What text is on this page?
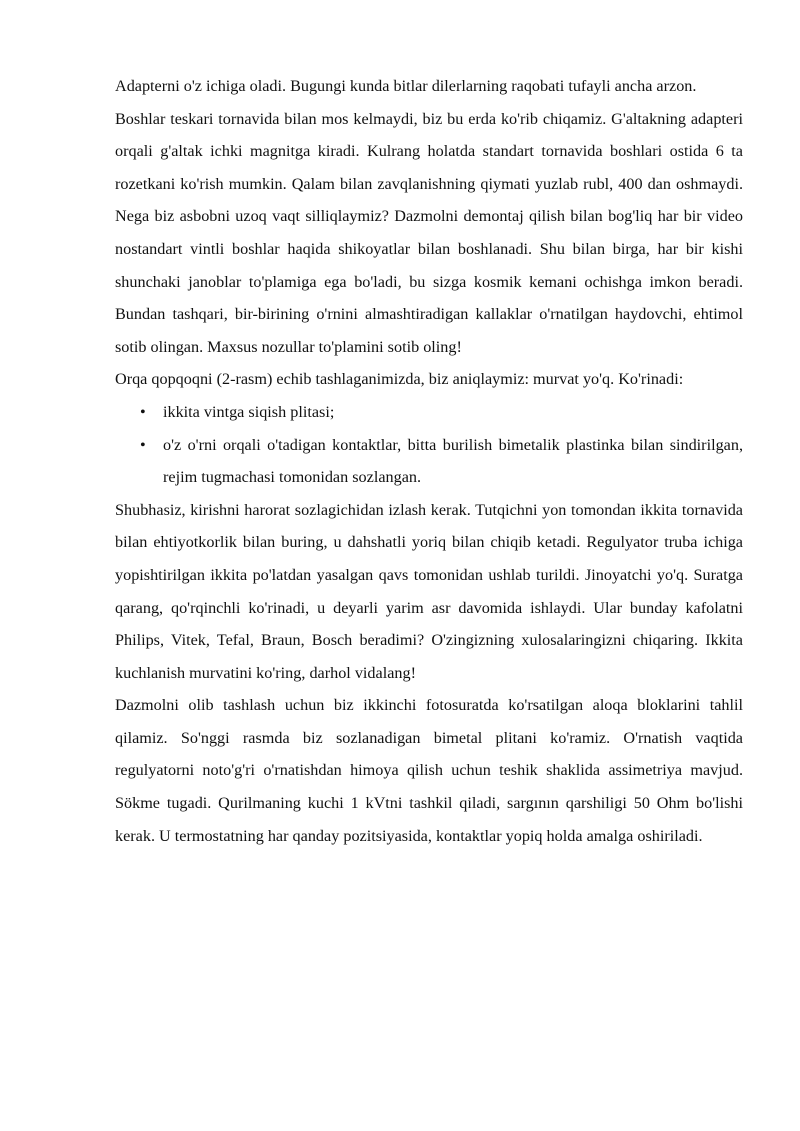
Adapterni o'z ichiga oladi. Bugungi kunda bitlar dilerlarning raqobati tufayli ancha arzon.

Boshlar teskari tornavida bilan mos kelmaydi, biz bu erda ko'rib chiqamiz. G'altakning adapteri orqali g'altak ichki magnitga kiradi. Kulrang holatda standart tornavida boshlari ostida 6 ta rozetkani ko'rish mumkin. Qalam bilan zavqlanishning qiymati yuzlab rubl, 400 dan oshmaydi. Nega biz asbobni uzoq vaqt silliqlaymiz? Dazmolni demontaj qilish bilan bog'liq har bir video nostandart vintli boshlar haqida shikoyatlar bilan boshlanadi. Shu bilan birga, har bir kishi shunchaki janoblar to'plamiga ega bo'ladi, bu sizga kosmik kemani ochishga imkon beradi. Bundan tashqari, bir-birining o'rnini almashtiradigan kallaklar o'rnatilgan haydovchi, ehtimol sotib olingan. Maxsus nozullar to'plamini sotib oling!

Orqa qopqoqni (2-rasm) echib tashlaganimizda, biz aniqlaymiz: murvat yo'q. Ko'rinadi:

• ikkita vintga siqish plitasi;
• o'z o'rni orqali o'tadigan kontaktlar, bitta burilish bimetalik plastinka bilan sindirilgan, rejim tugmachasi tomonidan sozlangan.

Shubhasiz, kirishni harorat sozlagichidan izlash kerak. Tutqichni yon tomondan ikkita tornavida bilan ehtiyotkorlik bilan buring, u dahshatli yoriq bilan chiqib ketadi. Regulyator truba ichiga yopishtirilgan ikkita po'latdan yasalgan qavs tomonidan ushlab turildi. Jinoyatchi yo'q. Suratga qarang, qo'rqinchli ko'rinadi, u deyarli yarim asr davomida ishlaydi. Ular bunday kafolatni Philips, Vitek, Tefal, Braun, Bosch beradimi? O'zingizning xulosalaringizni chiqaring. Ikkita kuchlanish murvatini ko'ring, darhol vidalang!

Dazmolni olib tashlash uchun biz ikkinchi fotosuratda ko'rsatilgan aloqa bloklarini tahlil qilamiz. So'nggi rasmda biz sozlanadigan bimetal plitani ko'ramiz. O'rnatish vaqtida regulyatorni noto'g'ri o'rnatishdan himoya qilish uchun teshik shaklida assimetriya mavjud. Sökme tugadi. Qurilmaning kuchi 1 kVtni tashkil qiladi, sargının qarshiligi 50 Ohm bo'lishi kerak. U termostatning har qanday pozitsiyasida, kontaktlar yopiq holda amalga oshiriladi.
